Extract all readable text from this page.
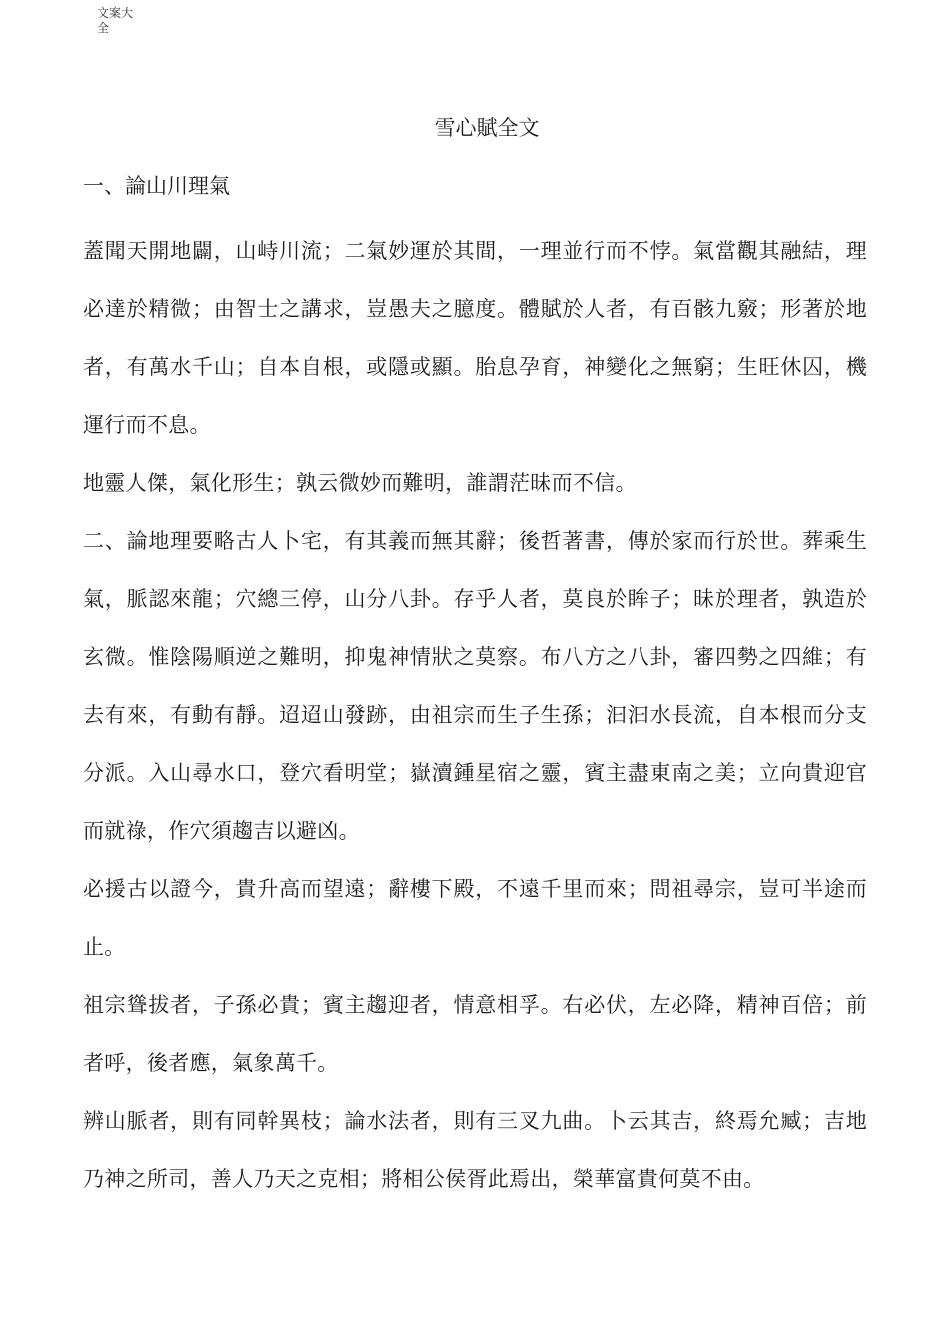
文案大全
雪心賦全文
一、論山川理氣

蓋聞天開地闢，山峙川流；二氣妙運於其間，一理並行而不悖。氣當觀其融結，理必達於精微；由智士之講求，豈愚夫之臆度。體賦於人者，有百骸九竅；形著於地者，有萬水千山；自本自根，或隱或顯。胎息孕育，神變化之無窮；生旺休囚，機運行而不息。

地靈人傑，氣化形生；孰云微妙而難明，誰謂茫昧而不信。

二、論地理要略古人卜宅，有其義而無其辭；後哲著書，傳於家而行於世。葬乘生氣，脈認來龍；穴總三停，山分八卦。存乎人者，莫良於眸子；昧於理者，孰造於玄微。惟陰陽順逆之難明，抑鬼神情狀之莫察。布八方之八卦，審四勢之四維；有去有來，有動有靜。迢迢山發跡，由祖宗而生子生孫；汩汩水長流，自本根而分支分派。入山尋水口，登穴看明堂；嶽瀆鍾星宿之靈，賓主盡東南之美；立向貴迎官而就祿，作穴須趨吉以避凶。

必援古以證今，貴升高而望遠；辭樓下殿，不遠千里而來；問祖尋宗，豈可半途而止。

祖宗聳拔者，子孫必貴；賓主趨迎者，情意相孚。右必伏，左必降，精神百倍；前者呼，後者應，氣象萬千。

辨山脈者，則有同幹異枝；論水法者，則有三叉九曲。卜云其吉，終焉允臧；吉地乃神之所司，善人乃天之克相；將相公侯胥此焉出，榮華富貴何莫不由。
